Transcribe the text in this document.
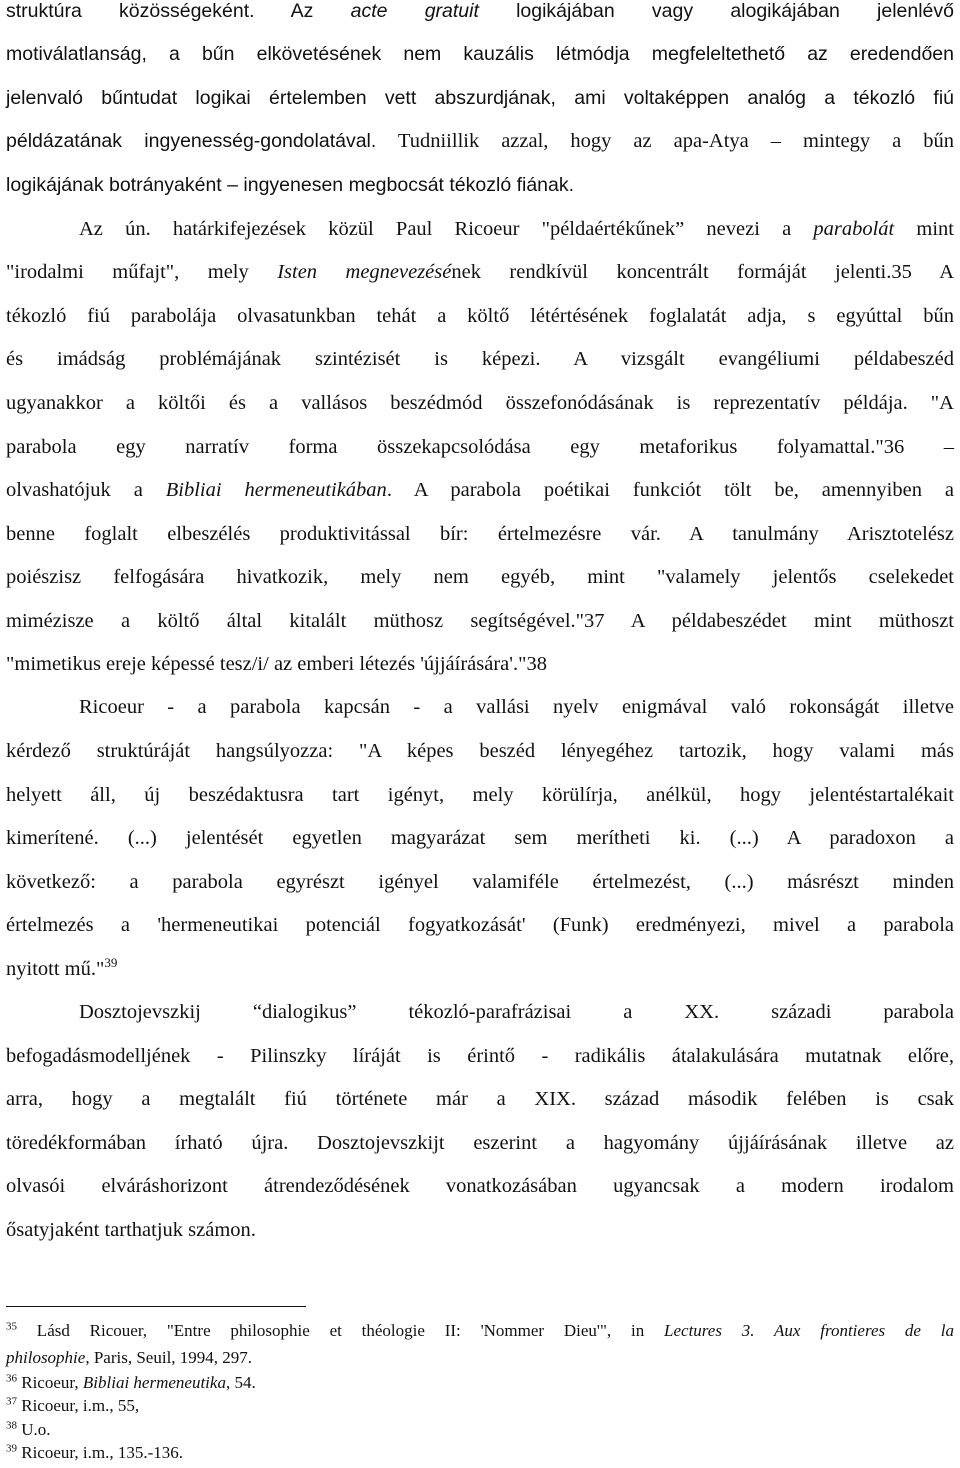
struktúra közösségeként. Az acte gratuit logikájában vagy alogikájában jelenlévő
motiválatlanság, a bűn elkövetésének nem kauzális létmódja megfeleltethető az eredendően
jelenvaló bűntudat logikai értelemben vett abszurdjának, ami voltaképpen analóg a tékozló fiú
példázatának ingyenesség-gondolatával. Tudniillik azzal, hogy az apa-Atya – mintegy a bűn
logikájának botrányaként – ingyenesen megbocsát tékozló fiának.
Az ún. határkifejezések közül Paul Ricoeur "példaértékűnek” nevezi a parabolát mint
"irodalmi műfajt", mely Isten megnevezésének rendkívül koncentrált formáját jelenti.35 A
tékozló fiú parabolája olvasatunkban tehát a költő létértésének foglalatát adja, s egyúttal bűn
és imádság problémájának szintézisét is képezi. A vizsgált evangéliumi példabeszéd
ugyanakkor a költői és a vallásos beszédmód összefonódásának is reprezentatív példája. "A
parabola egy narratív forma összekapcsolódása egy metaforikus folyamattal."36 –
olvashatójuk a Bibliai hermeneutikában. A parabola poétikai funkciót tölt be, amennyiben a
benne foglalt elbeszélés produktivitással bír: értelmezésre vár. A tanulmány Arisztotelész
poiészisz felfogására hivatkozik, mely nem egyéb, mint "valamely jelentős cselekedet
miméziszе a költő által kitalált müthosz segítségével."37 A példabeszédet mint müthoszt
"mimetikus ereje képessé tesz/i/ az emberi létezés 'újjáírására'."38
Ricoeur - a parabola kapcsán - a vallási nyelv enigmával való rokonságát illetve
kérdező struktúráját hangsúlyozza: "A képes beszéd lényegéhez tartozik, hogy valami más
helyett áll, új beszédaktusra tart igényt, mely körülírja, anélkül, hogy jelentéstartalékait
kimerítené. (...) jelentését egyetlen magyarázat sem merítheti ki. (...) A paradoxon a
következő: a parabola egyrészt igényel valamiféle értelmezést, (...) másrészt minden
értelmezés a 'hermeneutikai potenciál fogyatkozását' (Funk) eredményezi, mivel a parabola
nyitott mű."$^{39}$
Dosztojevszkij “dialogikus” tékozló-parafrázisai a XX. századi parabola
befogadásmodelljének - Pilinszky líráját is érintő - radikális átalakulására mutatnak előre,
arra, hogy a megtalált fiú története már a XIX. század második felében is csak
töredékformában írható újra. Dosztojevszkijt eszerint a hagyomány újjáírásának illetve az
olvasói elváráshorizont átrendeződésének vonatkozásában ugyancsak a modern irodalom
ősatyjaként tarthatjuk számon.
$^{35}$ Lásd Ricouer, "Entre philosophie et théologie II: 'Nommer Dieu'", in Lectures 3. Aux frontieres de la
philosophie, Paris, Seuil, 1994, 297.
$^{36}$ Ricoeur, Bibliai hermeneutika, 54.
$^{37}$ Ricoeur, i.m., 55,
$^{38}$ U.o.
$^{39}$ Ricoeur, i.m., 135.-136.
